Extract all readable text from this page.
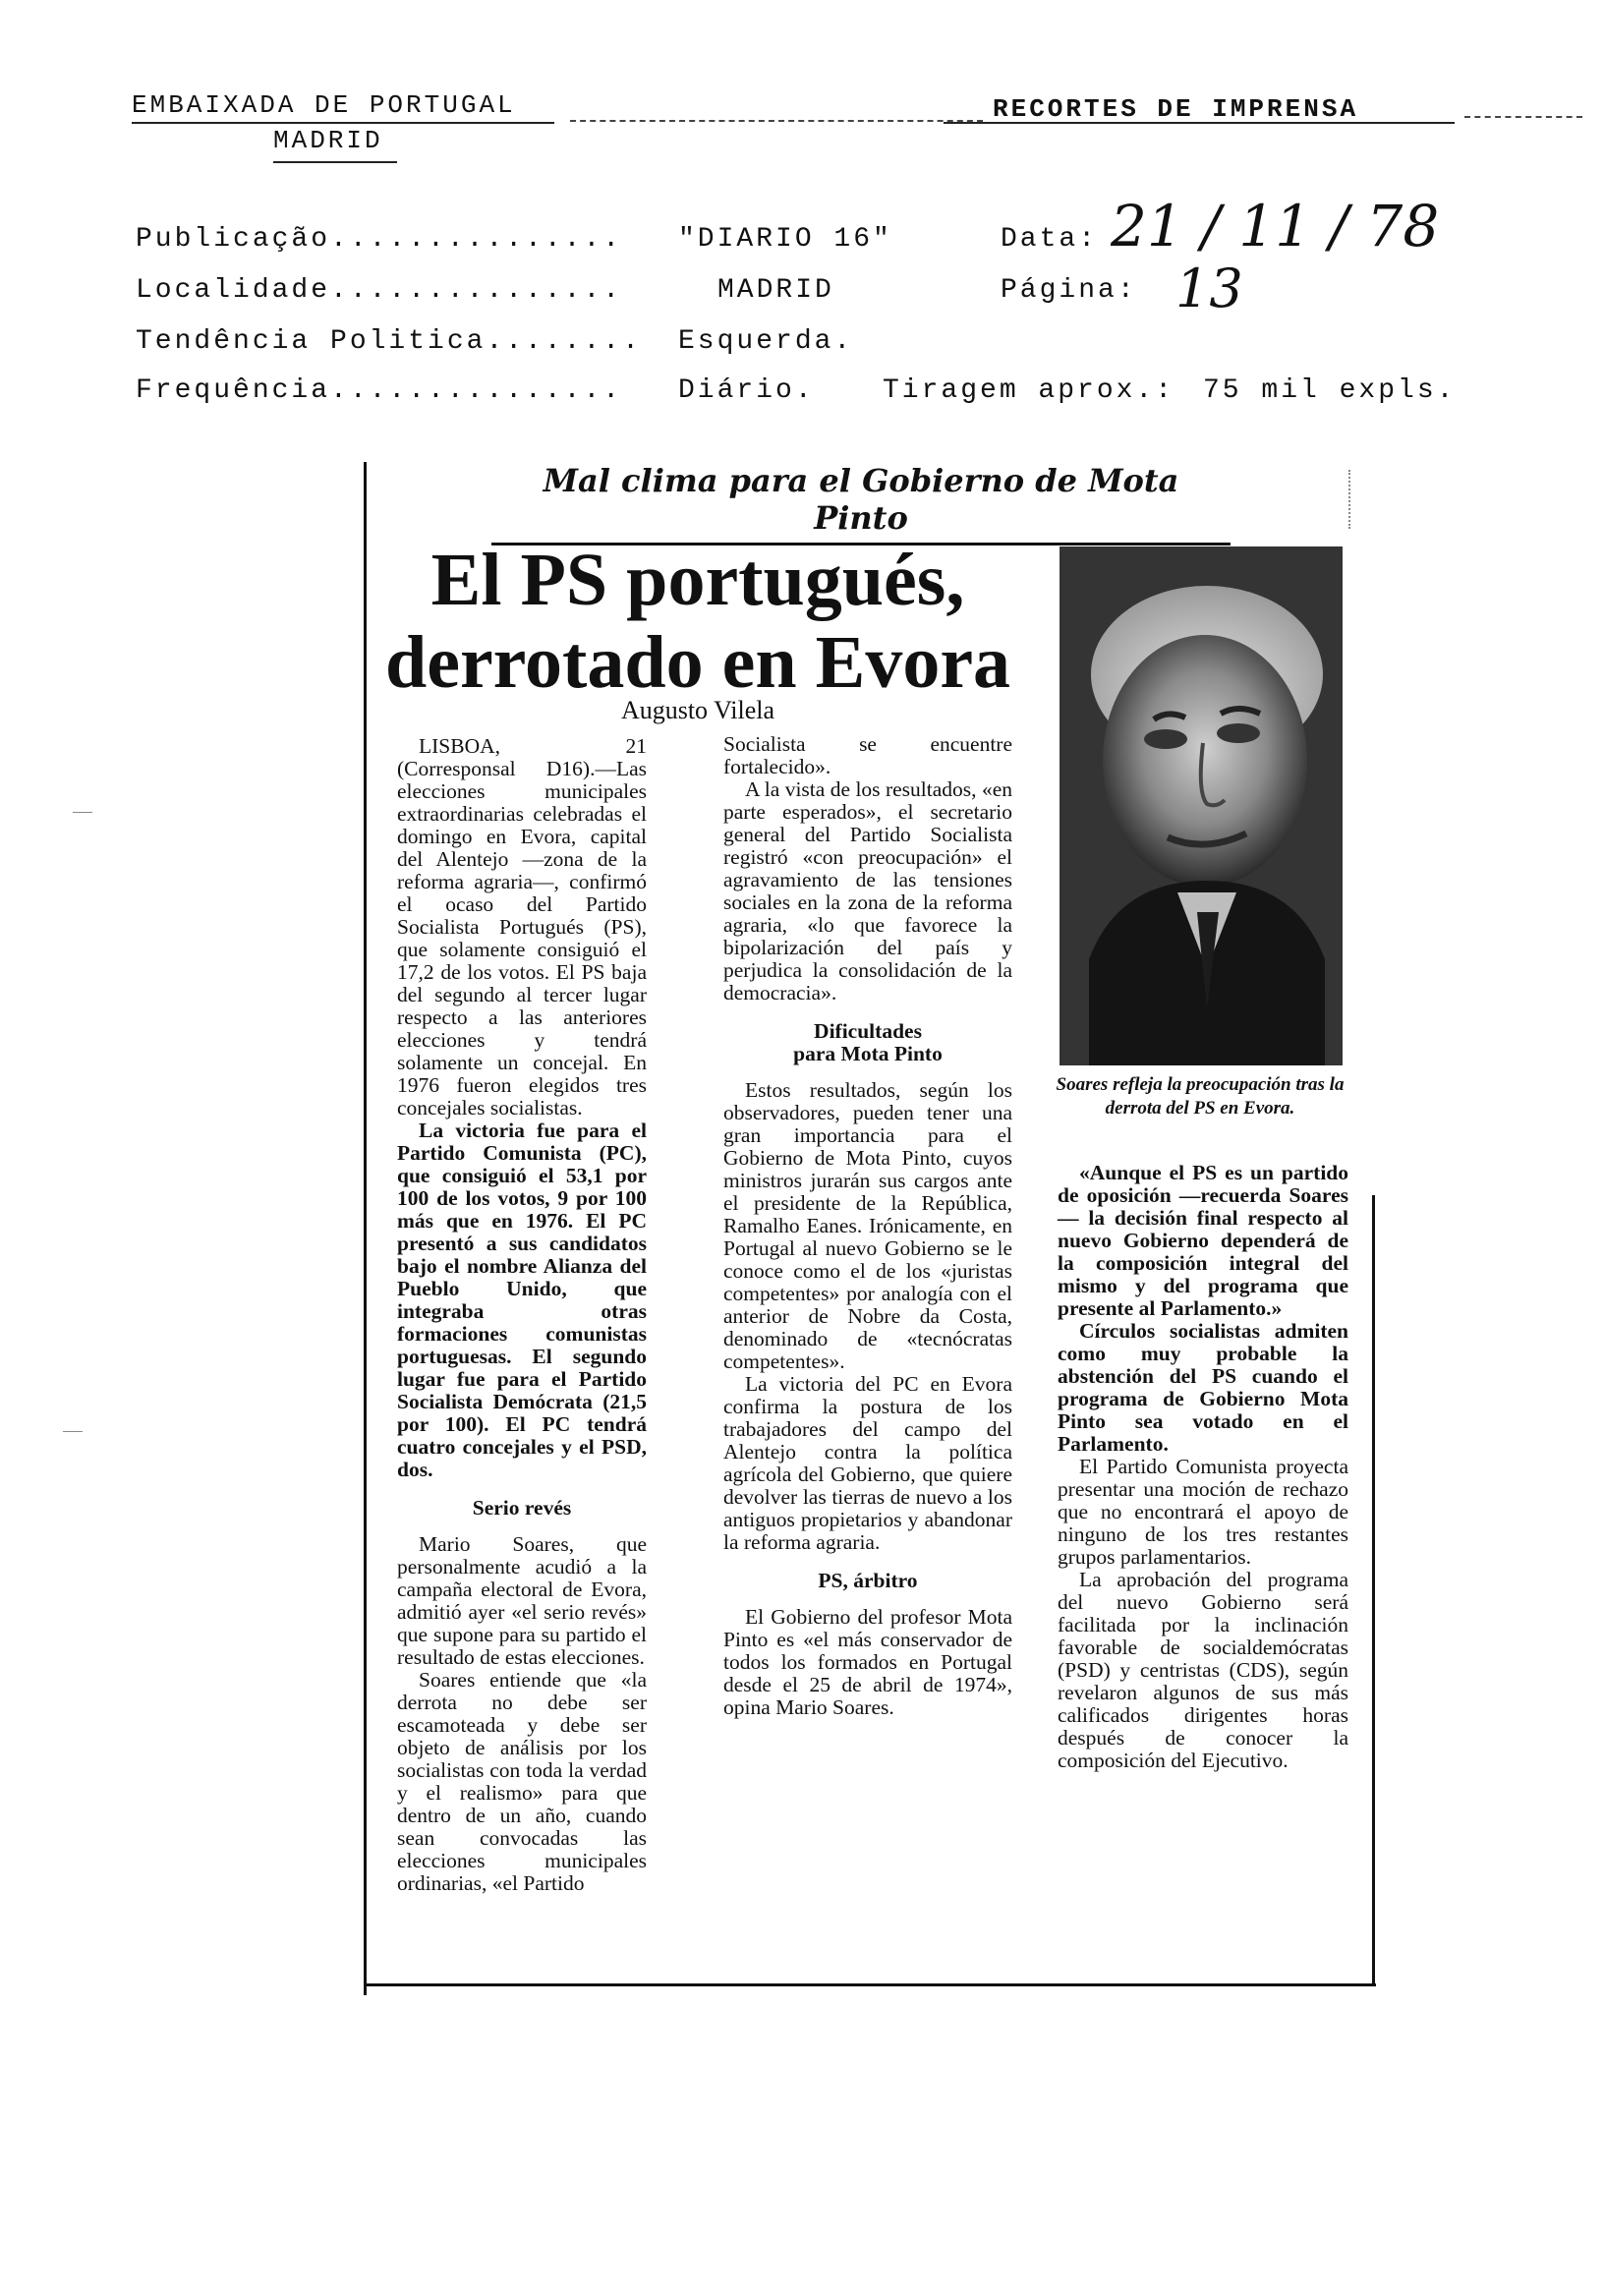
EMBAIXADA DE PORTUGAL
MADRID
RECORTES DE IMPRENSA
Publicação............... "DIARIO 16"
Localidade...............	MADRID
Tendência Politica........ Esquerda.
Frequência............... Diário. Tiragem aprox.: 75 mil expls.
Data: 21 / 11 / 78
Página: 13
Mal clima para el Gobierno de Mota Pinto
El PS portugués, derrotado en Evora
Augusto Vilela
Soares refleja la preocupación tras la derrota del PS en Evora.

LISBOA, 21 (Corresponsal D16).—Las elecciones municipales extraordinarias celebradas el domingo en Evora, capital del Alentejo —zona de la reforma agraria—, confirmó el ocaso del Partido Socialista Portugués (PS), que solamente consiguió el 17,2 de los votos. El PS baja del segundo al tercer lugar respecto a las anteriores elecciones y tendrá solamente un concejal. En 1976 fueron elegidos tres concejales socialistas.

La victoria fue para el Partido Comunista (PC), que consiguió el 53,1 por 100 de los votos, 9 por 100 más que en 1976. El PC presentó a sus candidatos bajo el nombre Alianza del Pueblo Unido, que integraba otras formaciones comunistas portuguesas. El segundo lugar fue para el Partido Socialista Demócrata (21,5 por 100). El PC tendrá cuatro concejales y el PSD, dos.

Serio revés

Mario Soares, que personalmente acudió a la campaña electoral de Evora, admitió ayer «el serio revés» que supone para su partido el resultado de estas elecciones.

Soares entiende que «la derrota no debe ser escamoteada y debe ser objeto de análisis por los socialistas con toda la verdad y el realismo» para que dentro de un año, cuando sean convocadas las elecciones municipales ordinarias, «el Partido

Socialista se encuentre fortalecido».

A la vista de los resultados, «en parte esperados», el secretario general del Partido Socialista registró «con preocupación» el agravamiento de las tensiones sociales en la zona de la reforma agraria, «lo que favorece la bipolarización del país y perjudica la consolidación de la democracia».

Dificultades
para Mota Pinto

Estos resultados, según los observadores, pueden tener una gran importancia para el Gobierno de Mota Pinto, cuyos ministros jurarán sus cargos ante el presidente de la República, Ramalho Eanes. Irónicamente, en Portugal al nuevo Gobierno se le conoce como el de los «juristas competentes» por analogía con el anterior de Nobre da Costa, denominado de «tecnócratas competentes».

La victoria del PC en Evora confirma la postura de los trabajadores del campo del Alentejo contra la política agrícola del Gobierno, que quiere devolver las tierras de nuevo a los antiguos propietarios y abandonar la reforma agraria.

PS, árbitro

El Gobierno del profesor Mota Pinto es «el más conservador de todos los formados en Portugal desde el 25 de abril de 1974», opina Mario Soares.

«Aunque el PS es un partido de oposición —recuerda Soares— la decisión final respecto al nuevo Gobierno dependerá de la composición integral del mismo y del programa que presente al Parlamento.»

Círculos socialistas admiten como muy probable la abstención del PS cuando el programa de Gobierno Mota Pinto sea votado en el Parlamento.

El Partido Comunista proyecta presentar una moción de rechazo que no encontrará el apoyo de ninguno de los tres restantes grupos parlamentarios.

La aprobación del programa del nuevo Gobierno será facilitada por la inclinación favorable de socialdemócratas (PSD) y centristas (CDS), según revelaron algunos de sus más calificados dirigentes horas después de conocer la composición del Ejecutivo.
